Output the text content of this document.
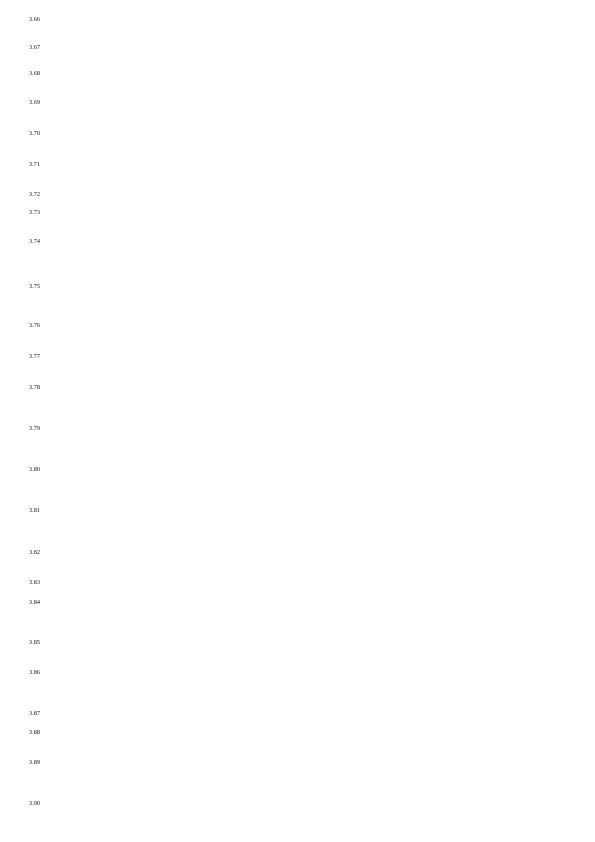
3.66

3.67

3.68

3.69

3.70

3.71

3.72

3.73

3.74

3.75

3.76

3.77

3.78

3.79

3.80

3.81

3.82

3.83

3.84

3.85

3.86

3.87

3.88

3.89

3.90
